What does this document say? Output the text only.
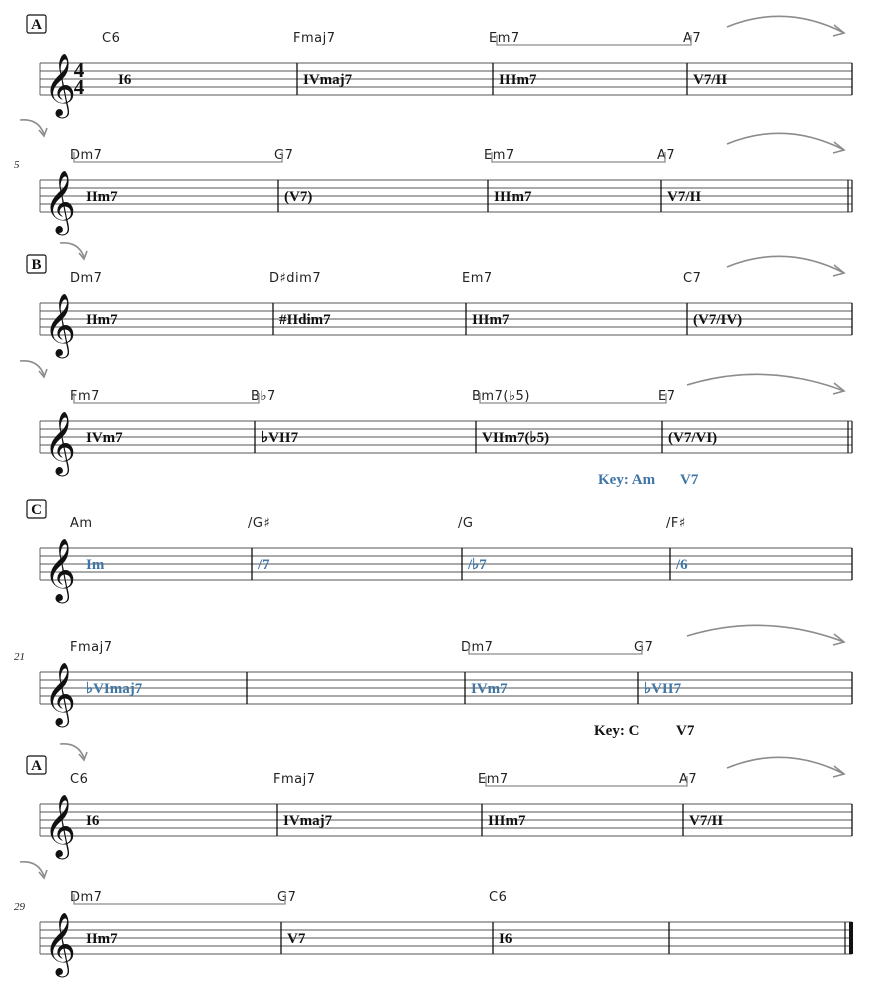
𝄞
4
4
C6
I6
Fmaj7
IVmaj7
Em7
IIIm7
A7
V7/II
A
𝄞
Dm7
IIm7
G7
(V7)
Em7
IIIm7
A7
V7/II
5
𝄞
Dm7
IIm7
D♯dim7
#IIdim7
Em7
IIIm7
C7
(V7/IV)
B
𝄞
Fm7
IVm7
B♭7
♭VII7
Bm7(♭5)
VIIm7(♭5)
E7
(V7/VI)
Key: Am V7
𝄞
Am
Im
/G♯
/7
/G
/♭7
/F♯
/6
C
𝄞
Fmaj7
♭VImaj7
Dm7
IVm7
G7
♭VII7
21
Key: C V7
𝄞
C6
I6
Fmaj7
IVmaj7
Em7
IIIm7
A7
V7/II
A
𝄞
Dm7
IIm7
G7
V7
C6
I6
29
